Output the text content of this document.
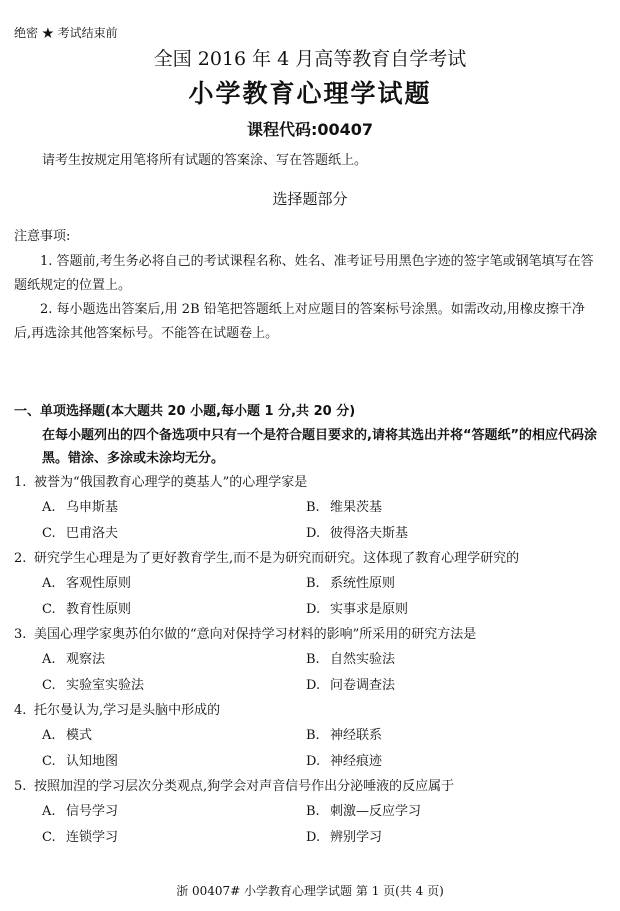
绝密 ★ 考试结束前
全国 2016 年 4 月高等教育自学考试
小学教育心理学试题
课程代码:00407
请考生按规定用笔将所有试题的答案涂、写在答题纸上。
选择题部分
注意事项:

1. 答题前,考生务必将自己的考试课程名称、姓名、准考证号用黑色字迹的签字笔或钢笔填写在答题纸规定的位置上。

2. 每小题选出答案后,用 2B 铅笔把答题纸上对应题目的答案标号涂黑。如需改动,用橡皮擦干净后,再选涂其他答案标号。不能答在试题卷上。

一、单项选择题(本大题共 20 小题,每小题 1 分,共 20 分)
在每小题列出的四个备选项中只有一个是符合题目要求的,请将其选出并将“答题纸”的相应代码涂黑。错涂、多涂或未涂均无分。
1. 被誉为“俄国教育心理学的奠基人”的心理学家是
A. 乌申斯基	B. 维果茨基
C. 巴甫洛夫	D. 彼得洛夫斯基
2. 研究学生心理是为了更好教育学生,而不是为研究而研究。这体现了教育心理学研究的
A. 客观性原则	B. 系统性原则
C. 教育性原则	D. 实事求是原则
3. 美国心理学家奥苏伯尔做的“意向对保持学习材料的影响”所采用的研究方法是
A. 观察法	B. 自然实验法
C. 实验室实验法	D. 问卷调查法
4. 托尔曼认为,学习是头脑中形成的
A. 模式	B. 神经联系
C. 认知地图	D. 神经痕迹
5. 按照加涅的学习层次分类观点,狗学会对声音信号作出分泌唾液的反应属于
A. 信号学习	B. 刺激—反应学习
C. 连锁学习	D. 辨别学习
浙 00407# 小学教育心理学试题 第 1 页(共 4 页)
